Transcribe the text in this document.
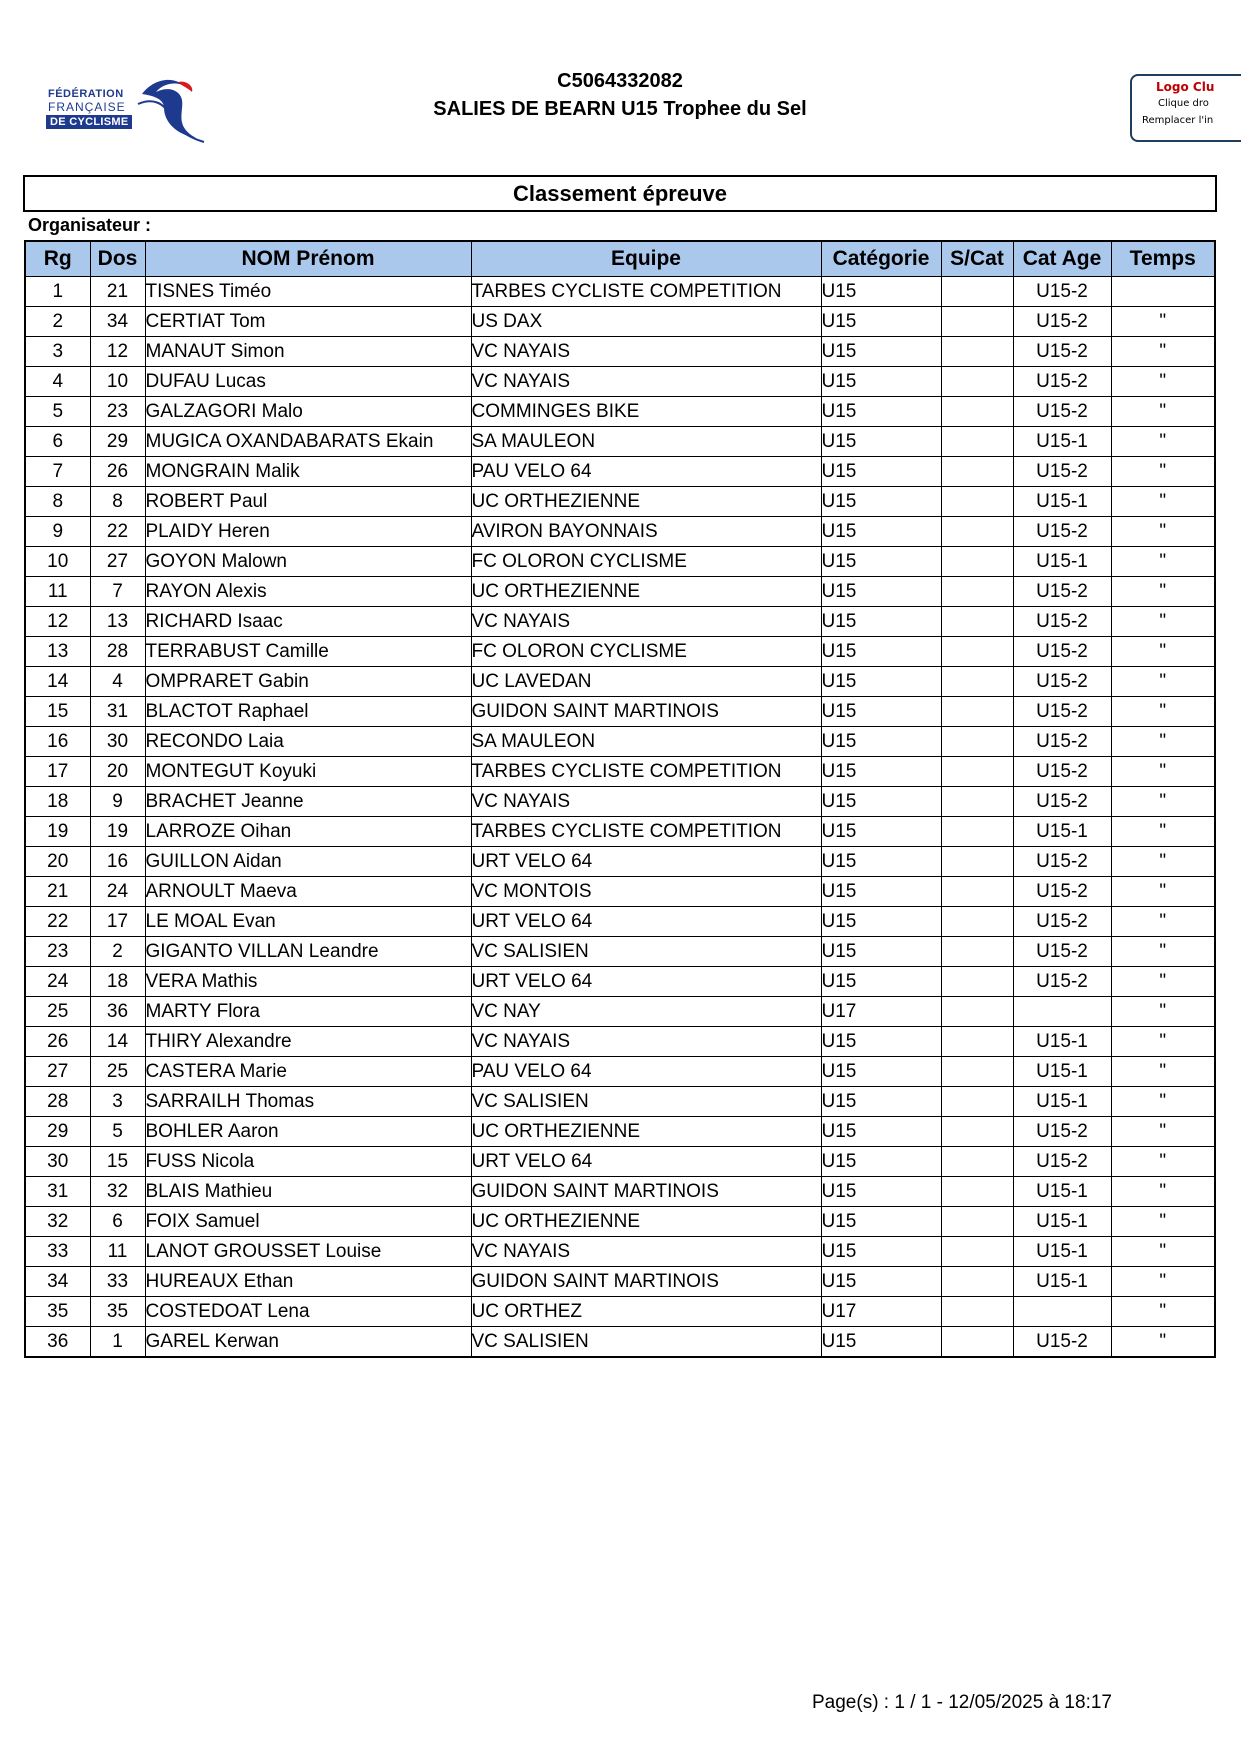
FÉDÉRATION
FRANÇAISE
DE CYCLISME
C5064332082
SALIES DE BEARN U15 Trophee du Sel
Logo Clu
Clique dro
Remplacer l'in
Classement épreuve
Organisateur :
Rg	Dos	NOM Prénom	Equipe	Catégorie	S/Cat	Cat Age	Temps
1	21	TISNES Timéo	TARBES CYCLISTE COMPETITION	U15		U15-2	
2	34	CERTIAT Tom	US DAX	U15		U15-2	"
3	12	MANAUT Simon	VC NAYAIS	U15		U15-2	"
4	10	DUFAU Lucas	VC NAYAIS	U15		U15-2	"
5	23	GALZAGORI Malo	COMMINGES BIKE	U15		U15-2	"
6	29	MUGICA OXANDABARATS Ekain	SA MAULEON	U15		U15-1	"
7	26	MONGRAIN Malik	PAU VELO 64	U15		U15-2	"
8	8	ROBERT Paul	UC ORTHEZIENNE	U15		U15-1	"
9	22	PLAIDY Heren	AVIRON BAYONNAIS	U15		U15-2	"
10	27	GOYON Malown	FC OLORON CYCLISME	U15		U15-1	"
11	7	RAYON Alexis	UC ORTHEZIENNE	U15		U15-2	"
12	13	RICHARD Isaac	VC NAYAIS	U15		U15-2	"
13	28	TERRABUST Camille	FC OLORON CYCLISME	U15		U15-2	"
14	4	OMPRARET Gabin	UC LAVEDAN	U15		U15-2	"
15	31	BLACTOT Raphael	GUIDON SAINT MARTINOIS	U15		U15-2	"
16	30	RECONDO Laia	SA MAULEON	U15		U15-2	"
17	20	MONTEGUT Koyuki	TARBES CYCLISTE COMPETITION	U15		U15-2	"
18	9	BRACHET Jeanne	VC NAYAIS	U15		U15-2	"
19	19	LARROZE Oihan	TARBES CYCLISTE COMPETITION	U15		U15-1	"
20	16	GUILLON Aidan	URT VELO 64	U15		U15-2	"
21	24	ARNOULT Maeva	VC MONTOIS	U15		U15-2	"
22	17	LE MOAL Evan	URT VELO 64	U15		U15-2	"
23	2	GIGANTO VILLAN Leandre	VC SALISIEN	U15		U15-2	"
24	18	VERA Mathis	URT VELO 64	U15		U15-2	"
25	36	MARTY Flora	VC NAY	U17			"
26	14	THIRY Alexandre	VC NAYAIS	U15		U15-1	"
27	25	CASTERA Marie	PAU VELO 64	U15		U15-1	"
28	3	SARRAILH Thomas	VC SALISIEN	U15		U15-1	"
29	5	BOHLER Aaron	UC ORTHEZIENNE	U15		U15-2	"
30	15	FUSS Nicola	URT VELO 64	U15		U15-2	"
31	32	BLAIS Mathieu	GUIDON SAINT MARTINOIS	U15		U15-1	"
32	6	FOIX Samuel	UC ORTHEZIENNE	U15		U15-1	"
33	11	LANOT GROUSSET Louise	VC NAYAIS	U15		U15-1	"
34	33	HUREAUX Ethan	GUIDON SAINT MARTINOIS	U15		U15-1	"
35	35	COSTEDOAT Lena	UC ORTHEZ	U17			"
36	1	GAREL Kerwan	VC SALISIEN	U15		U15-2	"
Page(s) : 1 / 1 - 12/05/2025 à 18:17
